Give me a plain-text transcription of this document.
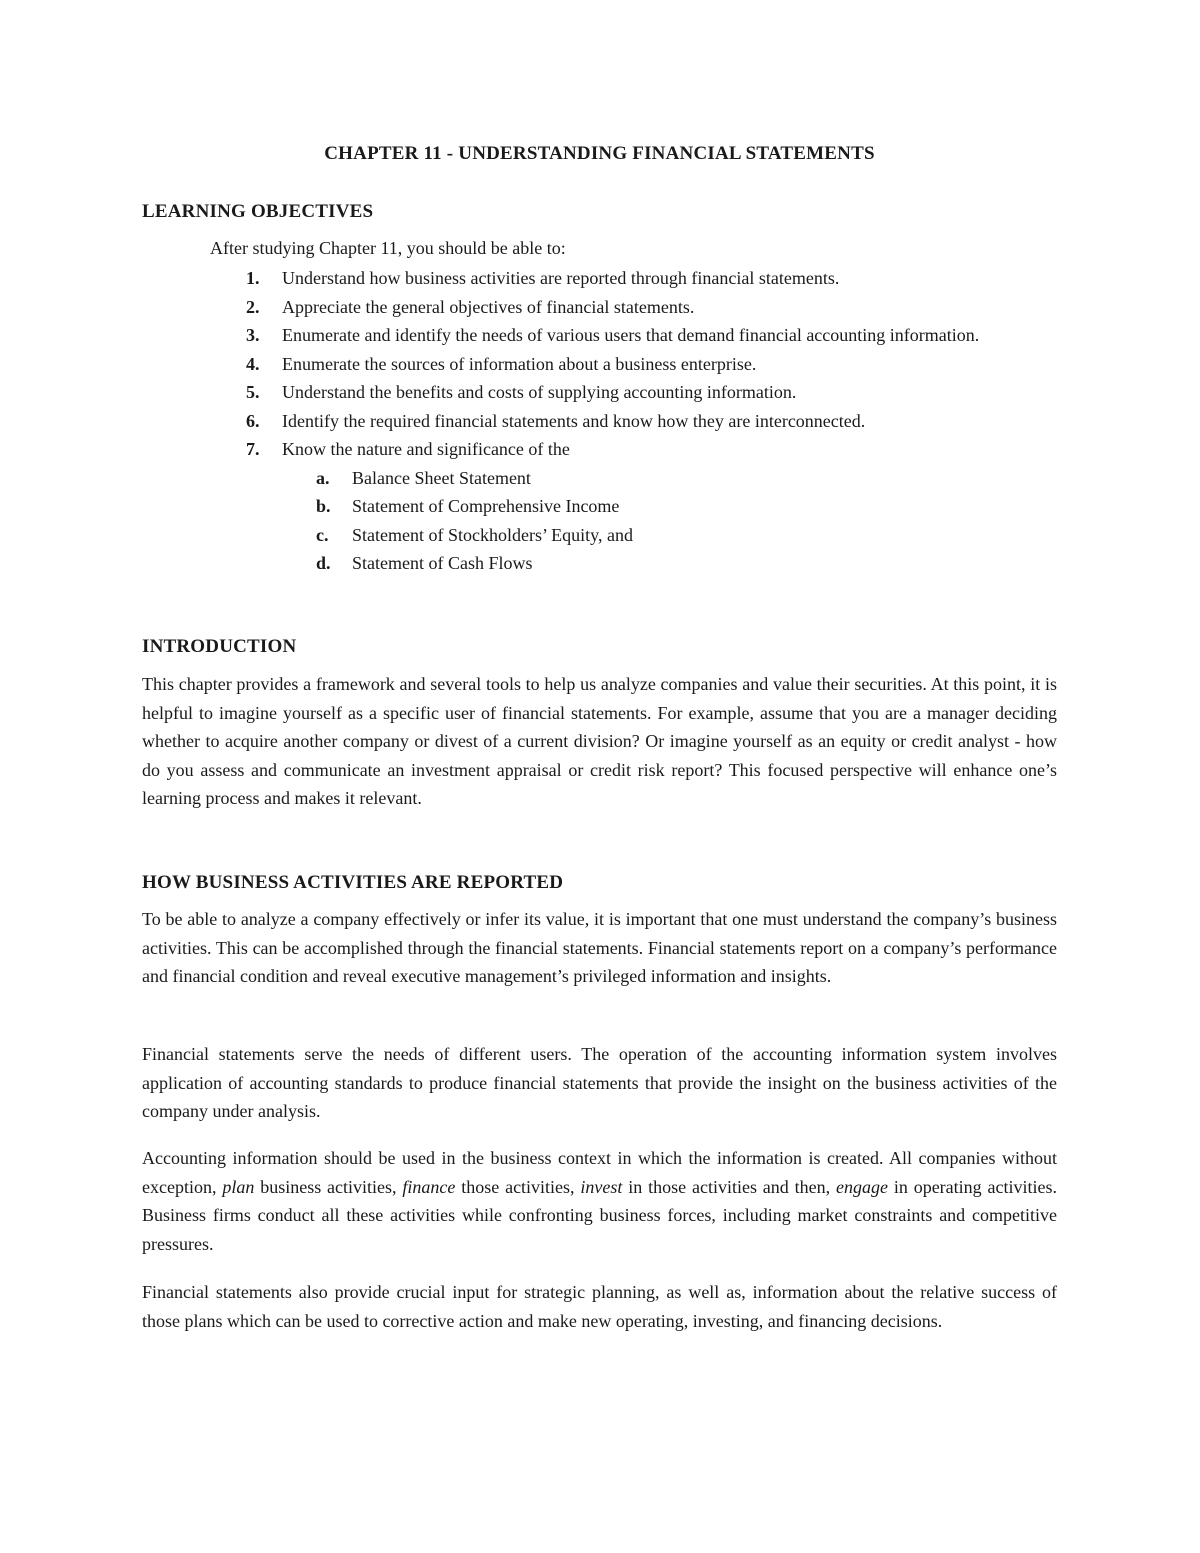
CHAPTER 11 - UNDERSTANDING FINANCIAL STATEMENTS
LEARNING OBJECTIVES

After studying Chapter 11, you should be able to:

1. Understand how business activities are reported through financial statements.
2. Appreciate the general objectives of financial statements.
3. Enumerate and identify the needs of various users that demand financial accounting information.
4. Enumerate the sources of information about a business enterprise.
5. Understand the benefits and costs of supplying accounting information.
6. Identify the required financial statements and know how they are interconnected.
7. Know the nature and significance of the
a. Balance Sheet Statement
b. Statement of Comprehensive Income
c. Statement of Stockholders’ Equity, and
d. Statement of Cash Flows
INTRODUCTION

This chapter provides a framework and several tools to help us analyze companies and value their securities. At this point, it is helpful to imagine yourself as a specific user of financial statements. For example, assume that you are a manager deciding whether to acquire another company or divest of a current division? Or imagine yourself as an equity or credit analyst - how do you assess and communicate an investment appraisal or credit risk report? This focused perspective will enhance one’s learning process and makes it relevant.

HOW BUSINESS ACTIVITIES ARE REPORTED

To be able to analyze a company effectively or infer its value, it is important that one must understand the company’s business activities. This can be accomplished through the financial statements. Financial statements report on a company’s performance and financial condition and reveal executive management’s privileged information and insights.

Financial statements serve the needs of different users. The operation of the accounting information system involves application of accounting standards to produce financial statements that provide the insight on the business activities of the company under analysis.

Accounting information should be used in the business context in which the information is created. All companies without exception, plan business activities, finance those activities, invest in those activities and then, engage in operating activities. Business firms conduct all these activities while confronting business forces, including market constraints and competitive pressures.

Financial statements also provide crucial input for strategic planning, as well as, information about the relative success of those plans which can be used to corrective action and make new operating, investing, and financing decisions.
